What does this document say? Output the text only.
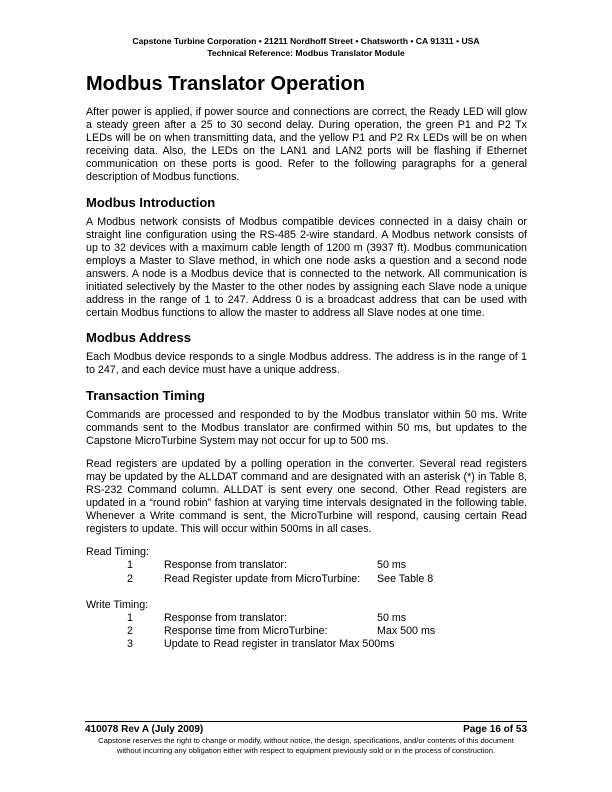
Capstone Turbine Corporation • 21211 Nordhoff Street • Chatsworth • CA 91311 • USA
Technical Reference: Modbus Translator Module
Modbus Translator Operation

After power is applied, if power source and connections are correct, the Ready LED will glow a steady green after a 25 to 30 second delay. During operation, the green P1 and P2 Tx LEDs will be on when transmitting data, and the yellow P1 and P2 Rx LEDs will be on when receiving data. Also, the LEDs on the LAN1 and LAN2 ports will be flashing if Ethernet communication on these ports is good. Refer to the following paragraphs for a general description of Modbus functions.

Modbus Introduction

A Modbus network consists of Modbus compatible devices connected in a daisy chain or straight line configuration using the RS-485 2-wire standard. A Modbus network consists of up to 32 devices with a maximum cable length of 1200 m (3937 ft). Modbus communication employs a Master to Slave method, in which one node asks a question and a second node answers. A node is a Modbus device that is connected to the network. All communication is initiated selectively by the Master to the other nodes by assigning each Slave node a unique address in the range of 1 to 247. Address 0 is a broadcast address that can be used with certain Modbus functions to allow the master to address all Slave nodes at one time.

Modbus Address

Each Modbus device responds to a single Modbus address. The address is in the range of 1 to 247, and each device must have a unique address.

Transaction Timing

Commands are processed and responded to by the Modbus translator within 50 ms. Write commands sent to the Modbus translator are confirmed within 50 ms, but updates to the Capstone MicroTurbine System may not occur for up to 500 ms.

Read registers are updated by a polling operation in the converter. Several read registers may be updated by the ALLDAT command and are designated with an asterisk (*) in Table 8, RS-232 Command column. ALLDAT is sent every one second. Other Read registers are updated in a “round robin” fashion at varying time intervals designated in the following table. Whenever a Write command is sent, the MicroTurbine will respond, causing certain Read registers to update. This will occur within 500ms in all cases.

Read Timing:
1	Response from translator:	50 ms
2	Read Register update from MicroTurbine:	See Table 8
Write Timing:
1	Response from translator:	50 ms
2	Response time from MicroTurbine:	Max 500 ms
3	Update to Read register in translator Max 500ms
410078 Rev A (July 2009)	Page 16 of 53
Capstone reserves the right to change or modify, without notice, the design, specifications, and/or contents of this document
without incurring any obligation either with respect to equipment previously sold or in the process of construction.
